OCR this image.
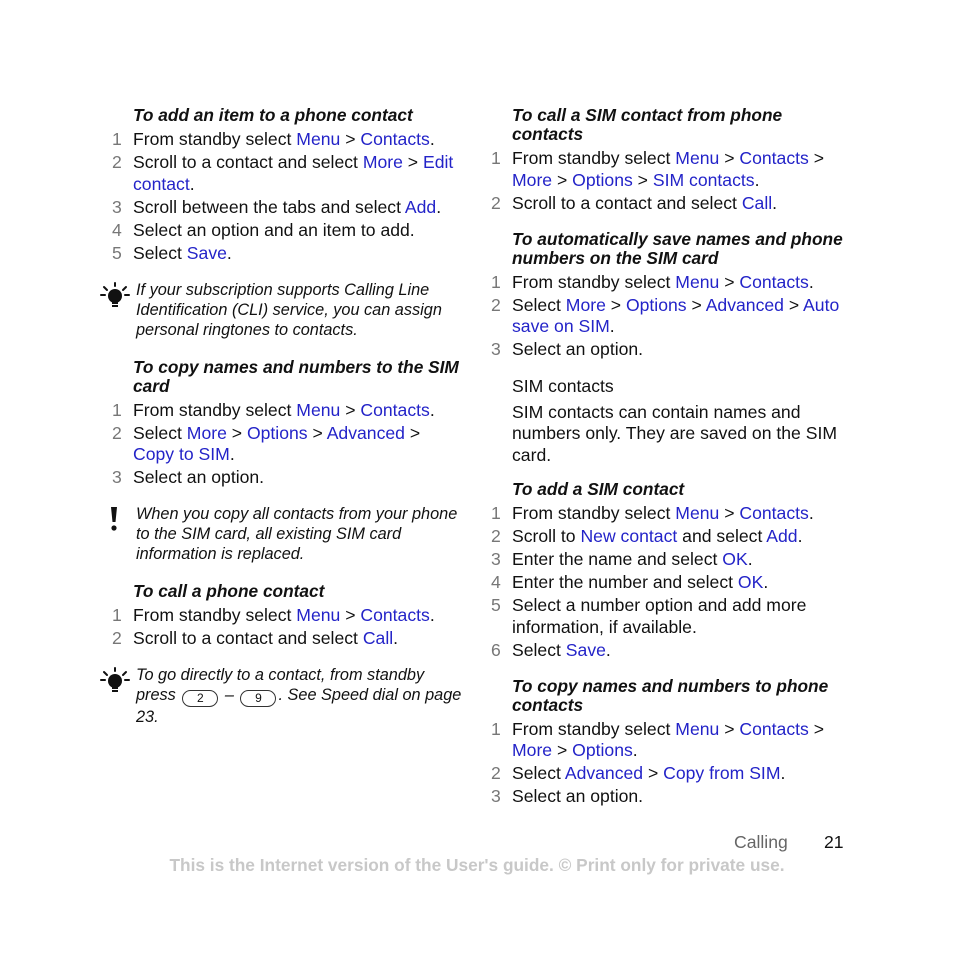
To add an item to a phone contact
1 From standby select Menu > Contacts.
2 Scroll to a contact and select More > Edit contact.
3 Scroll between the tabs and select Add.
4 Select an option and an item to add.
5 Select Save.

If your subscription supports Calling Line Identification (CLI) service, you can assign personal ringtones to contacts.

To copy names and numbers to the SIM card
1 From standby select Menu > Contacts.
2 Select More > Options > Advanced > Copy to SIM.
3 Select an option.

When you copy all contacts from your phone to the SIM card, all existing SIM card information is replaced.

To call a phone contact
1 From standby select Menu > Contacts.
2 Scroll to a contact and select Call.

To go directly to a contact, from standby press 2 – 9 . See Speed dial on page 23.

To call a SIM contact from phone contacts
1 From standby select Menu > Contacts > More > Options > SIM contacts.
2 Scroll to a contact and select Call.
To automatically save names and phone numbers on the SIM card
1 From standby select Menu > Contacts.
2 Select More > Options > Advanced > Auto save on SIM.
3 Select an option.
SIM contacts
SIM contacts can contain names and numbers only. They are saved on the SIM card.
To add a SIM contact
1 From standby select Menu > Contacts.
2 Scroll to New contact and select Add.
3 Enter the name and select OK.
4 Enter the number and select OK.
5 Select a number option and add more information, if available.
6 Select Save.
To copy names and numbers to phone contacts
1 From standby select Menu > Contacts > More > Options.
2 Select Advanced > Copy from SIM.
3 Select an option.
Calling 21
This is the Internet version of the User's guide. © Print only for private use.
